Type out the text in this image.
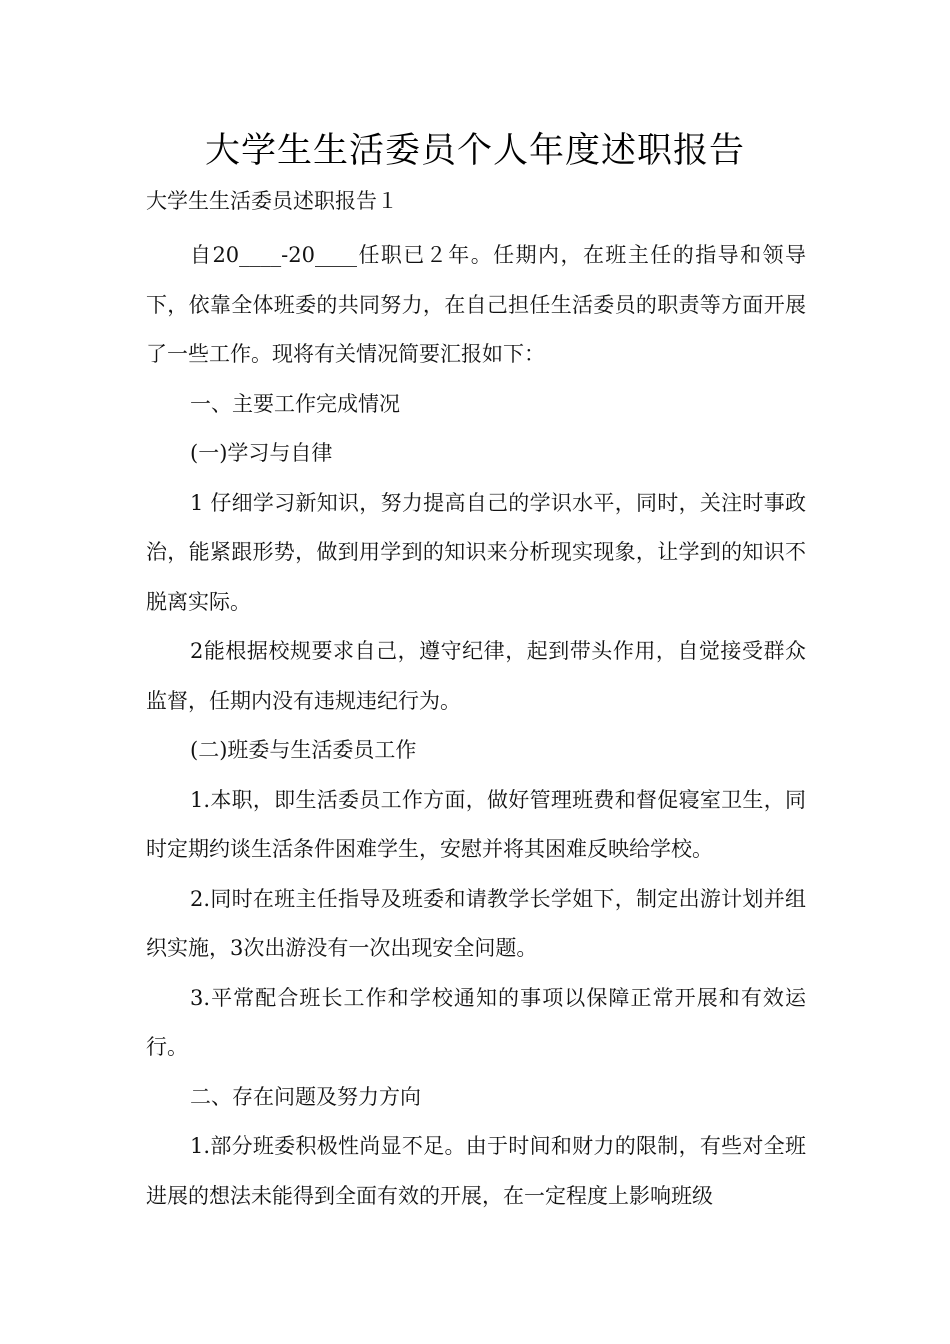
大学生生活委员个人年度述职报告
大学生生活委员述职报告１

自20____-20____任职已２年。任期内，在班主任的指导和领导下，依靠全体班委的共同努力，在自己担任生活委员的职责等方面开展了一些工作。现将有关情况简要汇报如下：

一、主要工作完成情况

(一)学习与自律

1 仔细学习新知识，努力提高自己的学识水平，同时，关注时事政治，能紧跟形势，做到用学到的知识来分析现实现象，让学到的知识不脱离实际。

2能根据校规要求自己，遵守纪律，起到带头作用，自觉接受群众监督，任期内没有违规违纪行为。

(二)班委与生活委员工作

1.本职，即生活委员工作方面，做好管理班费和督促寝室卫生，同时定期约谈生活条件困难学生，安慰并将其困难反映给学校。

2.同时在班主任指导及班委和请教学长学姐下，制定出游计划并组织实施，3次出游没有一次出现安全问题。

3.平常配合班长工作和学校通知的事项以保障正常开展和有效运行。

二、存在问题及努力方向

1.部分班委积极性尚显不足。由于时间和财力的限制，有些对全班进展的想法未能得到全面有效的开展，在一定程度上影响班级
